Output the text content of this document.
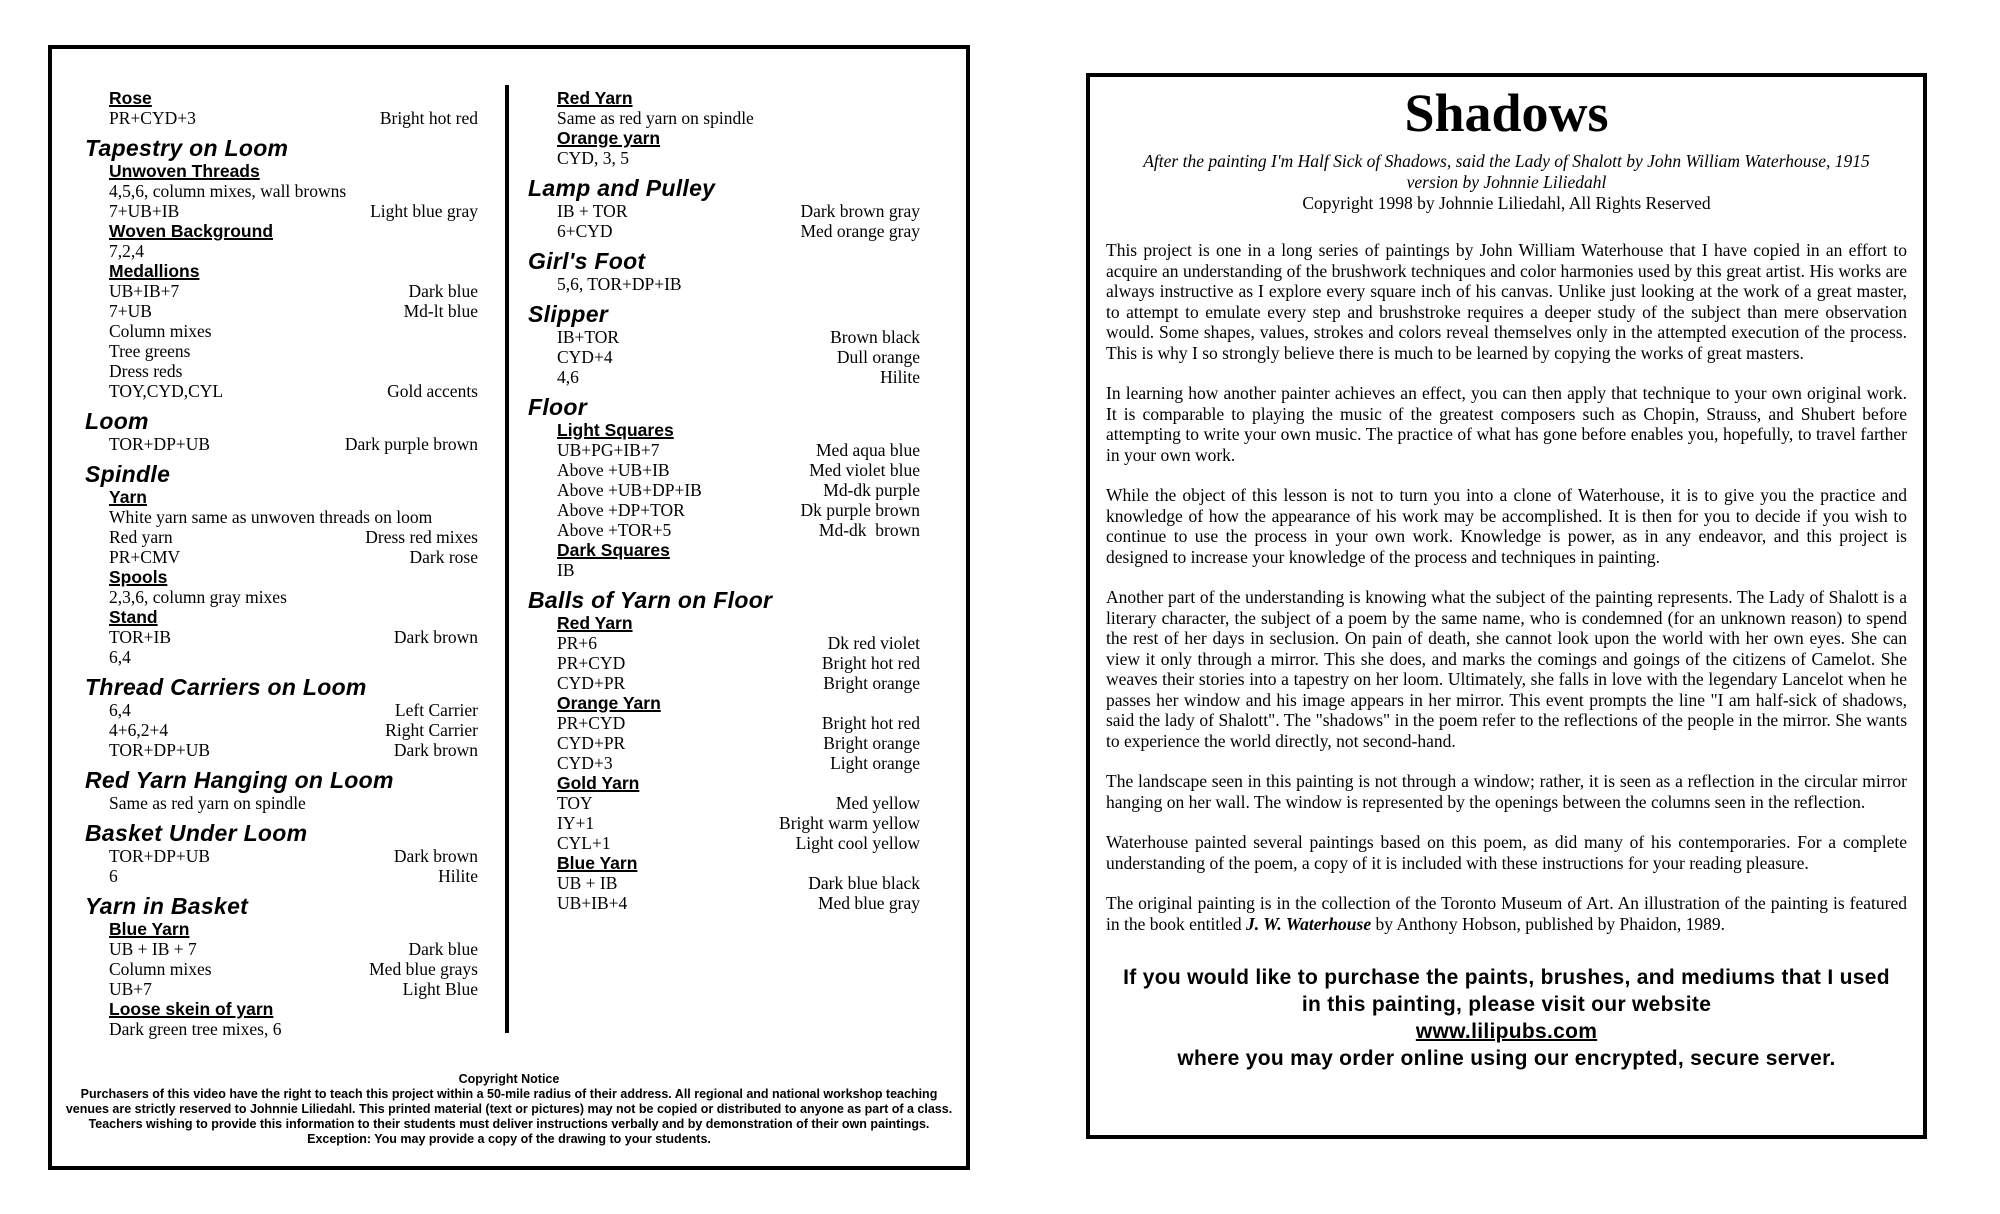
Rose
PR+CYD+3	Bright hot red
Tapestry on Loom
Unwoven Threads
4,5,6, column mixes, wall browns
7+UB+IB	Light blue gray
Woven Background
7,2,4
Medallions
UB+IB+7	Dark blue
7+UB	Md-lt blue
Column mixes
Tree greens
Dress reds
TOY,CYD,CYL	Gold accents
Loom
TOR+DP+UB	Dark purple brown
Spindle
Yarn
White yarn same as unwoven threads on loom
Red yarn	Dress red mixes
PR+CMV	Dark rose
Spools
2,3,6, column gray mixes
Stand
TOR+IB	Dark brown
6,4
Thread Carriers on Loom
6,4	Left Carrier
4+6,2+4	Right Carrier
TOR+DP+UB	Dark brown
Red Yarn Hanging on Loom
Same as red yarn on spindle
Basket Under Loom
TOR+DP+UB	Dark brown
6	Hilite
Yarn in Basket
Blue Yarn
UB + IB + 7	Dark blue
Column mixes	Med blue grays
UB+7	Light Blue
Loose skein of yarn
Dark green tree mixes, 6
Red Yarn
Same as red yarn on spindle
Orange yarn
CYD, 3, 5
Lamp and Pulley
IB + TOR	Dark brown gray
6+CYD	Med orange gray
Girl's Foot
5,6, TOR+DP+IB
Slipper
IB+TOR	Brown black
CYD+4	Dull orange
4,6	Hilite
Floor
Light Squares
UB+PG+IB+7	Med aqua blue
Above +UB+IB	Med violet blue
Above +UB+DP+IB	Md-dk purple
Above +DP+TOR	Dk purple brown
Above +TOR+5	Md-dk  brown
Dark Squares
IB
Balls of Yarn on Floor
Red Yarn
PR+6	Dk red violet
PR+CYD	Bright hot red
CYD+PR	Bright orange
Orange Yarn
PR+CYD	Bright hot red
CYD+PR	Bright orange
CYD+3	Light orange
Gold Yarn
TOY	Med yellow
IY+1	Bright warm yellow
CYL+1	Light cool yellow
Blue Yarn
UB + IB	Dark blue black
UB+IB+4	Med blue gray
Copyright Notice
Purchasers of this video have the right to teach this project within a 50-mile radius of their address. All regional and national workshop teaching
venues are strictly reserved to Johnnie Liliedahl. This printed material (text or pictures) may not be copied or distributed to anyone as part of a class.
Teachers wishing to provide this information to their students must deliver instructions verbally and by demonstration of their own paintings.
Exception: You may provide a copy of the drawing to your students.
Shadows
After the painting I'm Half Sick of Shadows, said the Lady of Shalott by John William Waterhouse, 1915
version by Johnnie Liliedahl
Copyright 1998 by Johnnie Liliedahl, All Rights Reserved

This project is one in a long series of paintings by John William Waterhouse that I have copied in an effort to acquire an understanding of the brushwork techniques and color harmonies used by this great artist. His works are always instructive as I explore every square inch of his canvas. Unlike just looking at the work of a great master, to attempt to emulate every step and brushstroke requires a deeper study of the subject than mere observation would. Some shapes, values, strokes and colors reveal themselves only in the attempted execution of the process. This is why I so strongly believe there is much to be learned by copying the works of great masters.

In learning how another painter achieves an effect, you can then apply that technique to your own original work. It is comparable to playing the music of the greatest composers such as Chopin, Strauss, and Shubert before attempting to write your own music. The practice of what has gone before enables you, hopefully, to travel farther in your own work.

While the object of this lesson is not to turn you into a clone of Waterhouse, it is to give you the practice and knowledge of how the appearance of his work may be accomplished. It is then for you to decide if you wish to continue to use the process in your own work. Knowledge is power, as in any endeavor, and this project is designed to increase your knowledge of the process and techniques in painting.

Another part of the understanding is knowing what the subject of the painting represents. The Lady of Shalott is a literary character, the subject of a poem by the same name, who is condemned (for an unknown reason) to spend the rest of her days in seclusion. On pain of death, she cannot look upon the world with her own eyes. She can view it only through a mirror. This she does, and marks the comings and goings of the citizens of Camelot. She weaves their stories into a tapestry on her loom. Ultimately, she falls in love with the legendary Lancelot when he passes her window and his image appears in her mirror. This event prompts the line "I am half-sick of shadows, said the lady of Shalott". The "shadows" in the poem refer to the reflections of the people in the mirror. She wants to experience the world directly, not second-hand.

The landscape seen in this painting is not through a window; rather, it is seen as a reflection in the circular mirror hanging on her wall. The window is represented by the openings between the columns seen in the reflection.

Waterhouse painted several paintings based on this poem, as did many of his contemporaries. For a complete understanding of the poem, a copy of it is included with these instructions for your reading pleasure.

The original painting is in the collection of the Toronto Museum of Art. An illustration of the painting is featured in the book entitled J. W. Waterhouse by Anthony Hobson, published by Phaidon, 1989.

If you would like to purchase the paints, brushes, and mediums that I used
in this painting, please visit our website
www.lilipubs.com
where you may order online using our encrypted, secure server.
